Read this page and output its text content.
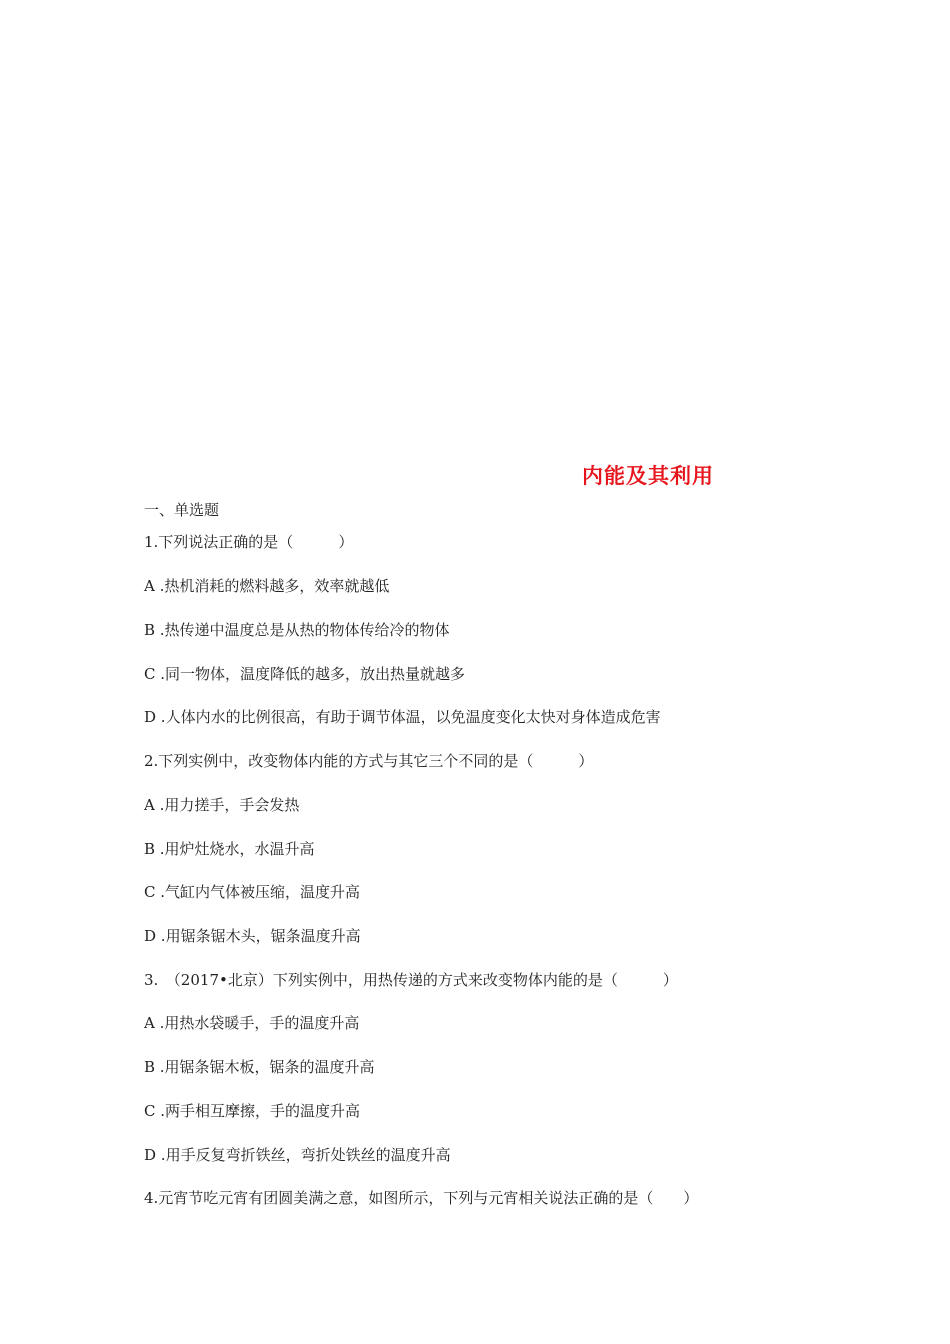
内能及其利用
一、单选题
1.下列说法正确的是（　　　）
A .热机消耗的燃料越多，效率就越低
B .热传递中温度总是从热的物体传给冷的物体
C .同一物体，温度降低的越多，放出热量就越多
D .人体内水的比例很高，有助于调节体温，以免温度变化太快对身体造成危害
2.下列实例中，改变物体内能的方式与其它三个不同的是（　　　）
A .用力搓手，手会发热
B .用炉灶烧水，水温升高
C .气缸内气体被压缩，温度升高
D .用锯条锯木头，锯条温度升高
3.　（2017•北京）下列实例中，用热传递的方式来改变物体内能的是（　　　）
A .用热水袋暖手，手的温度升高
B .用锯条锯木板，锯条的温度升高
C .两手相互摩擦，手的温度升高
D .用手反复弯折铁丝，弯折处铁丝的温度升高
4.元宵节吃元宵有团圆美满之意，如图所示，下列与元宵相关说法正确的是（　　）
